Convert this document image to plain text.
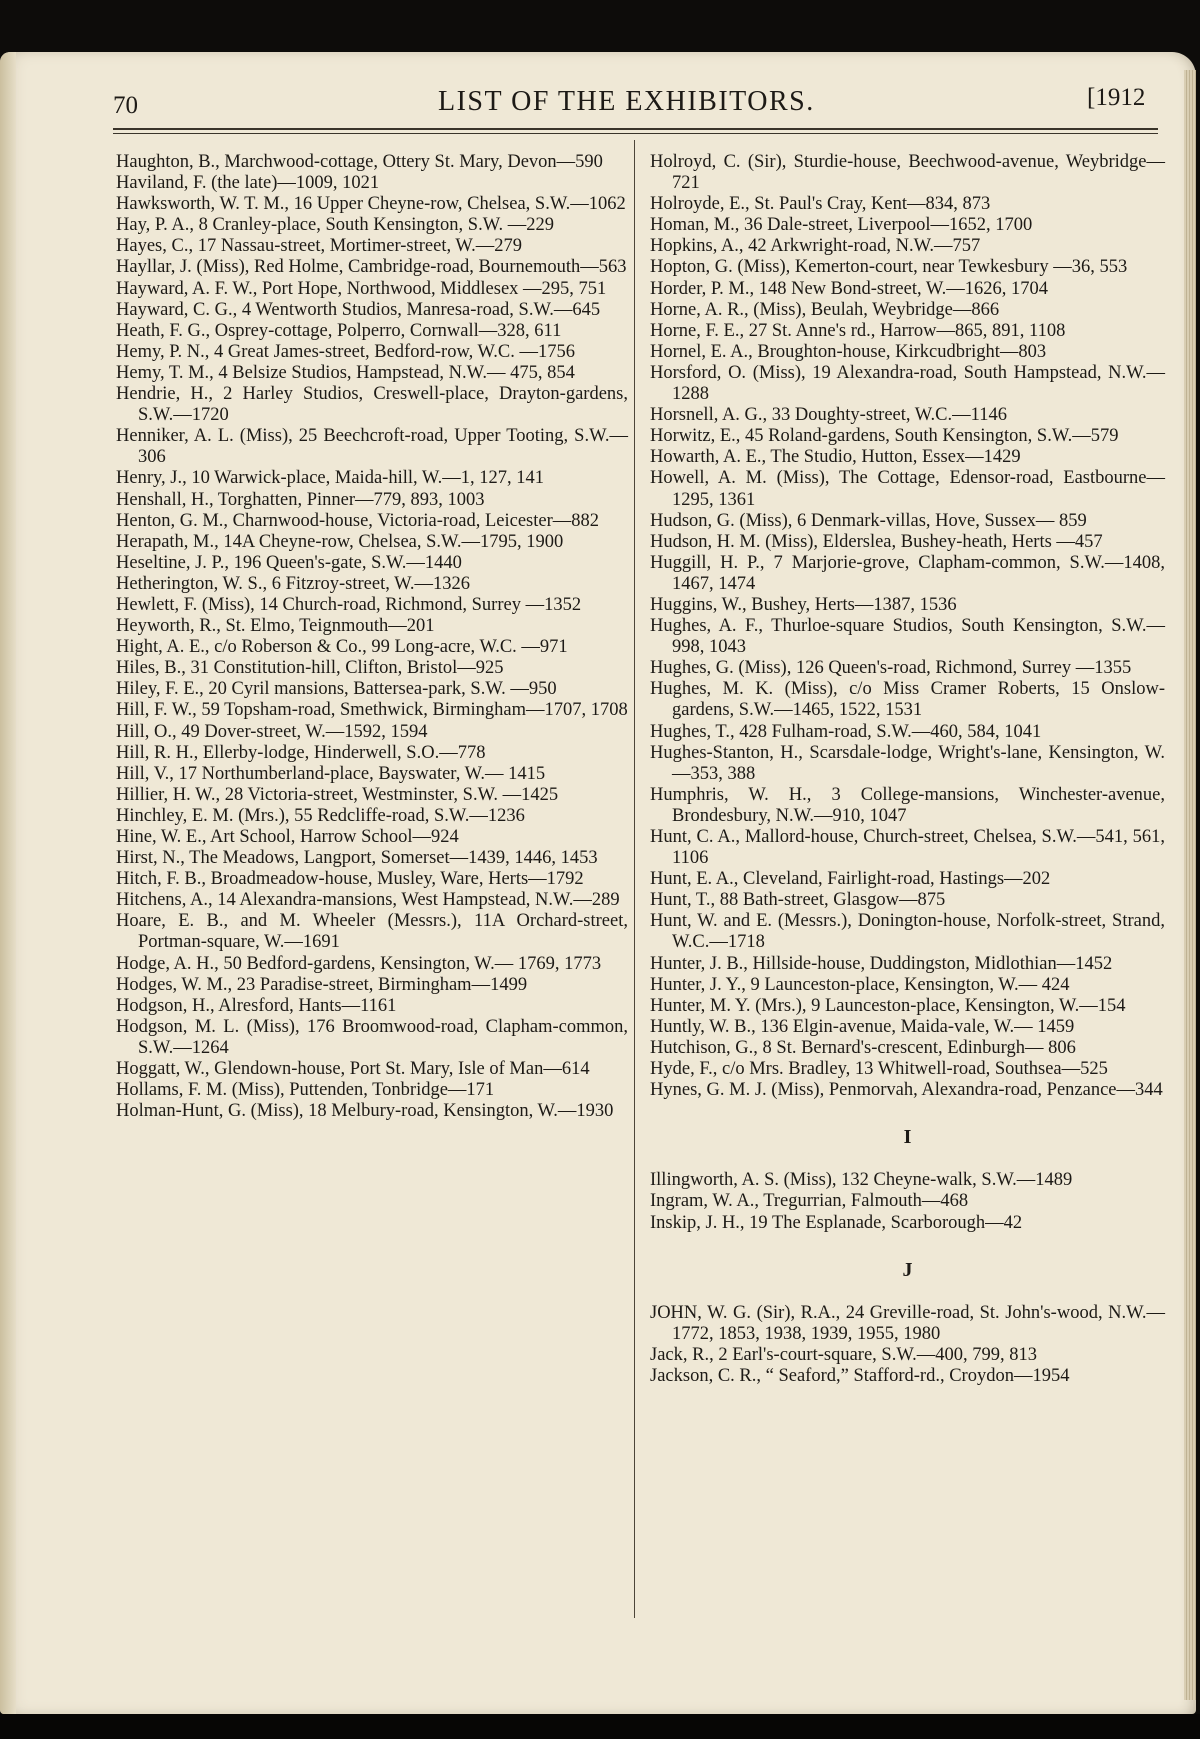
70	LIST OF THE EXHIBITORS.	[1912
Haughton, B., Marchwood-cottage, Ottery St. Mary, Devon—590
Haviland, F. (the late)—1009, 1021
Hawksworth, W. T. M., 16 Upper Cheyne-row, Chelsea, S.W.—1062
Hay, P. A., 8 Cranley-place, South Kensington, S.W. —229
Hayes, C., 17 Nassau-street, Mortimer-street, W.—279
Hayllar, J. (Miss), Red Holme, Cambridge-road, Bournemouth—563
Hayward, A. F. W., Port Hope, Northwood, Middlesex —295, 751
Hayward, C. G., 4 Wentworth Studios, Manresa-road, S.W.—645
Heath, F. G., Osprey-cottage, Polperro, Cornwall—328, 611
Hemy, P. N., 4 Great James-street, Bedford-row, W.C. —1756
Hemy, T. M., 4 Belsize Studios, Hampstead, N.W.— 475, 854
Hendrie, H., 2 Harley Studios, Creswell-place, Drayton-gardens, S.W.—1720
Henniker, A. L. (Miss), 25 Beechcroft-road, Upper Tooting, S.W.—306
Henry, J., 10 Warwick-place, Maida-hill, W.—1, 127, 141
Henshall, H., Torghatten, Pinner—779, 893, 1003
Henton, G. M., Charnwood-house, Victoria-road, Leicester—882
Herapath, M., 14A Cheyne-row, Chelsea, S.W.—1795, 1900
Heseltine, J. P., 196 Queen's-gate, S.W.—1440
Hetherington, W. S., 6 Fitzroy-street, W.—1326
Hewlett, F. (Miss), 14 Church-road, Richmond, Surrey —1352
Heyworth, R., St. Elmo, Teignmouth—201
Hight, A. E., c/o Roberson & Co., 99 Long-acre, W.C. —971
Hiles, B., 31 Constitution-hill, Clifton, Bristol—925
Hiley, F. E., 20 Cyril mansions, Battersea-park, S.W. —950
Hill, F. W., 59 Topsham-road, Smethwick, Birmingham—1707, 1708
Hill, O., 49 Dover-street, W.—1592, 1594
Hill, R. H., Ellerby-lodge, Hinderwell, S.O.—778
Hill, V., 17 Northumberland-place, Bayswater, W.— 1415
Hillier, H. W., 28 Victoria-street, Westminster, S.W. —1425
Hinchley, E. M. (Mrs.), 55 Redcliffe-road, S.W.—1236
Hine, W. E., Art School, Harrow School—924
Hirst, N., The Meadows, Langport, Somerset—1439, 1446, 1453
Hitch, F. B., Broadmeadow-house, Musley, Ware, Herts—1792
Hitchens, A., 14 Alexandra-mansions, West Hampstead, N.W.—289
Hoare, E. B., and M. Wheeler (Messrs.), 11A Orchard-street, Portman-square, W.—1691
Hodge, A. H., 50 Bedford-gardens, Kensington, W.— 1769, 1773
Hodges, W. M., 23 Paradise-street, Birmingham—1499
Hodgson, H., Alresford, Hants—1161
Hodgson, M. L. (Miss), 176 Broomwood-road, Clapham-common, S.W.—1264
Hoggatt, W., Glendown-house, Port St. Mary, Isle of Man—614
Hollams, F. M. (Miss), Puttenden, Tonbridge—171
Holman-Hunt, G. (Miss), 18 Melbury-road, Kensington, W.—1930
Holroyd, C. (Sir), Sturdie-house, Beechwood-avenue, Weybridge—721
Holroyde, E., St. Paul's Cray, Kent—834, 873
Homan, M., 36 Dale-street, Liverpool—1652, 1700
Hopkins, A., 42 Arkwright-road, N.W.—757
Hopton, G. (Miss), Kemerton-court, near Tewkesbury —36, 553
Horder, P. M., 148 New Bond-street, W.—1626, 1704
Horne, A. R., (Miss), Beulah, Weybridge—866
Horne, F. E., 27 St. Anne's rd., Harrow—865, 891, 1108
Hornel, E. A., Broughton-house, Kirkcudbright—803
Horsford, O. (Miss), 19 Alexandra-road, South Hampstead, N.W.—1288
Horsnell, A. G., 33 Doughty-street, W.C.—1146
Horwitz, E., 45 Roland-gardens, South Kensington, S.W.—579
Howarth, A. E., The Studio, Hutton, Essex—1429
Howell, A. M. (Miss), The Cottage, Edensor-road, Eastbourne—1295, 1361
Hudson, G. (Miss), 6 Denmark-villas, Hove, Sussex— 859
Hudson, H. M. (Miss), Elderslea, Bushey-heath, Herts —457
Huggill, H. P., 7 Marjorie-grove, Clapham-common, S.W.—1408, 1467, 1474
Huggins, W., Bushey, Herts—1387, 1536
Hughes, A. F., Thurloe-square Studios, South Kensington, S.W.—998, 1043
Hughes, G. (Miss), 126 Queen's-road, Richmond, Surrey —1355
Hughes, M. K. (Miss), c/o Miss Cramer Roberts, 15 Onslow-gardens, S.W.—1465, 1522, 1531
Hughes, T., 428 Fulham-road, S.W.—460, 584, 1041
Hughes-Stanton, H., Scarsdale-lodge, Wright's-lane, Kensington, W.—353, 388
Humphris, W. H., 3 College-mansions, Winchester-avenue, Brondesbury, N.W.—910, 1047
Hunt, C. A., Mallord-house, Church-street, Chelsea, S.W.—541, 561, 1106
Hunt, E. A., Cleveland, Fairlight-road, Hastings—202
Hunt, T., 88 Bath-street, Glasgow—875
Hunt, W. and E. (Messrs.), Donington-house, Norfolk-street, Strand, W.C.—1718
Hunter, J. B., Hillside-house, Duddingston, Midlothian—1452
Hunter, J. Y., 9 Launceston-place, Kensington, W.— 424
Hunter, M. Y. (Mrs.), 9 Launceston-place, Kensington, W.—154
Huntly, W. B., 136 Elgin-avenue, Maida-vale, W.— 1459
Hutchison, G., 8 St. Bernard's-crescent, Edinburgh— 806
Hyde, F., c/o Mrs. Bradley, 13 Whitwell-road, Southsea—525
Hynes, G. M. J. (Miss), Penmorvah, Alexandra-road, Penzance—344
I
Illingworth, A. S. (Miss), 132 Cheyne-walk, S.W.—1489
Ingram, W. A., Tregurrian, Falmouth—468
Inskip, J. H., 19 The Esplanade, Scarborough—42
J
JOHN, W. G. (Sir), R.A., 24 Greville-road, St. John's-wood, N.W.—1772, 1853, 1938, 1939, 1955, 1980
Jack, R., 2 Earl's-court-square, S.W.—400, 799, 813
Jackson, C. R., “ Seaford,” Stafford-rd., Croydon—1954
